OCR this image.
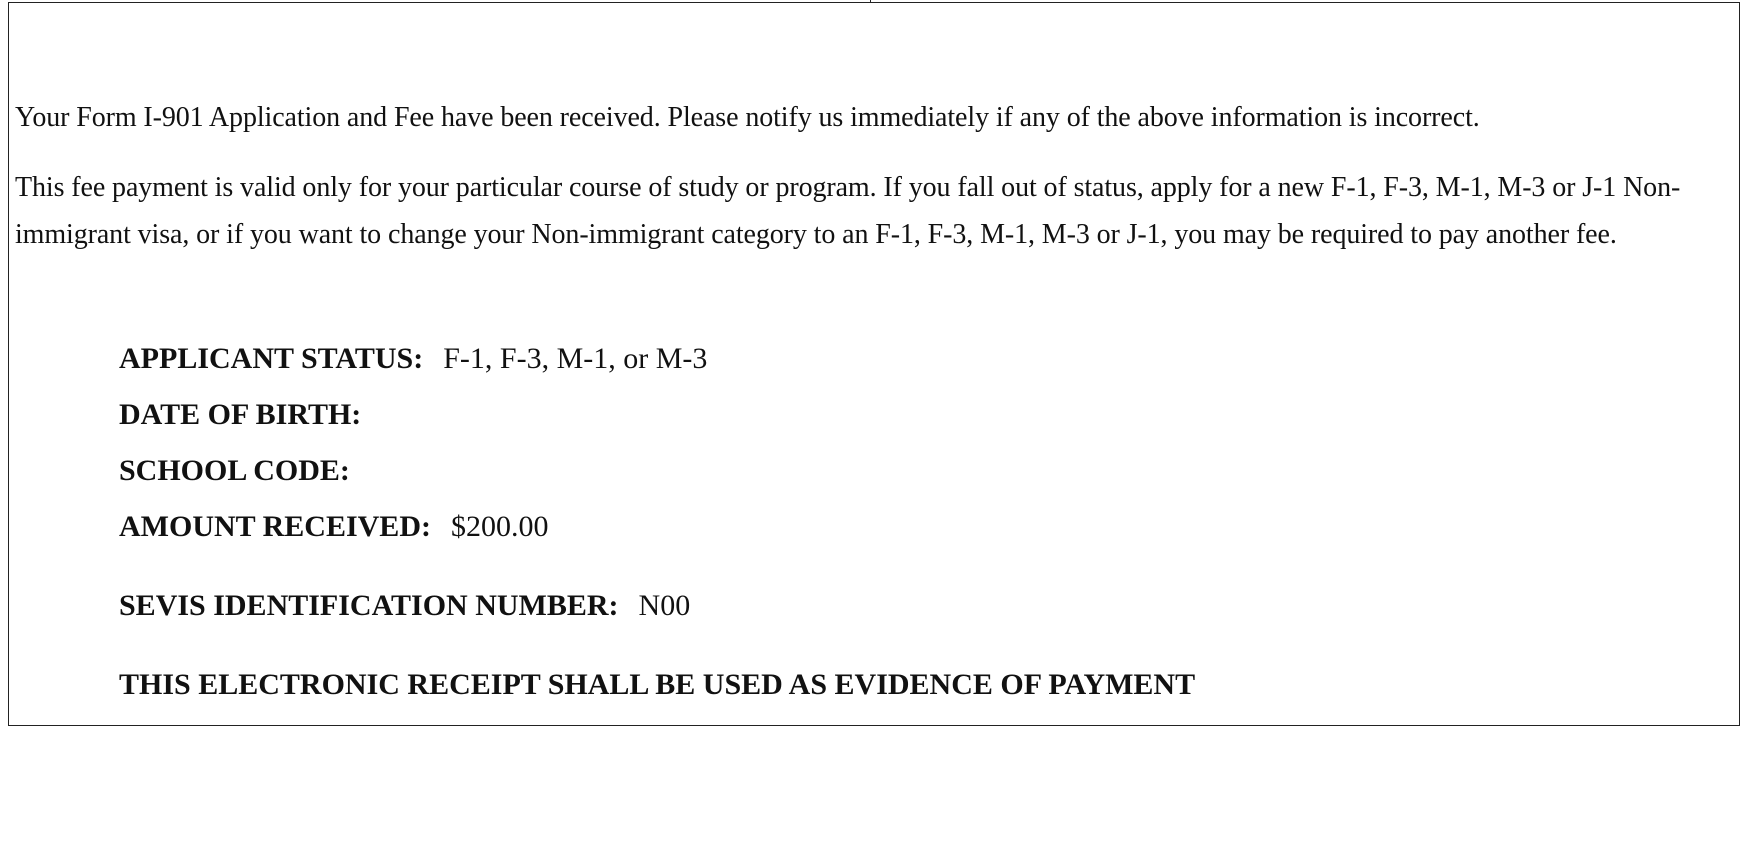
Your Form I-901 Application and Fee have been received. Please notify us immediately if any of the above information is incorrect.

This fee payment is valid only for your particular course of study or program. If you fall out of status, apply for a new F-1, F-3, M-1, M-3 or J-1 Non-immigrant visa, or if you want to change your Non-immigrant category to an F-1, F-3, M-1, M-3 or J-1, you may be required to pay another fee.

APPLICANT STATUS: F-1, F-3, M-1, or M-3
DATE OF BIRTH:
SCHOOL CODE:
AMOUNT RECEIVED: $200.00
SEVIS IDENTIFICATION NUMBER: N00
THIS ELECTRONIC RECEIPT SHALL BE USED AS EVIDENCE OF PAYMENT
